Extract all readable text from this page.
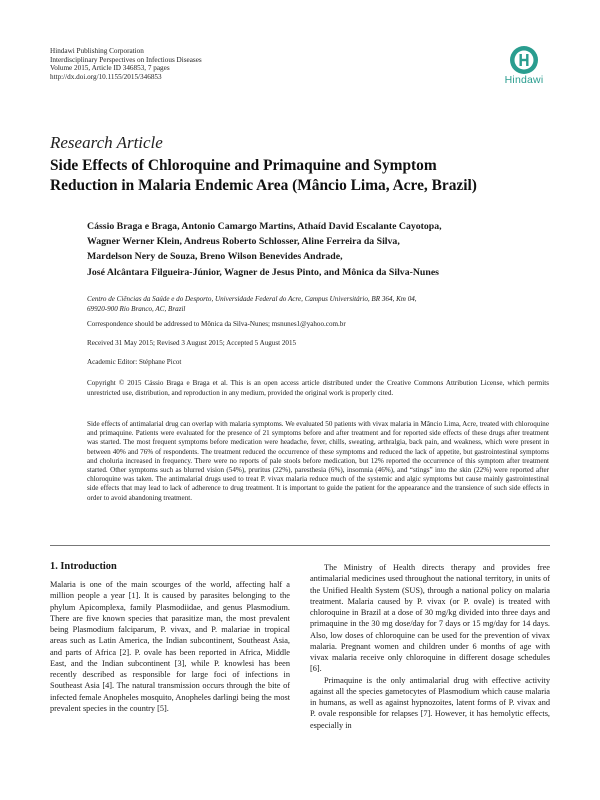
Hindawi Publishing Corporation
Interdisciplinary Perspectives on Infectious Diseases
Volume 2015, Article ID 346853, 7 pages
http://dx.doi.org/10.1155/2015/346853	Hindawi
Research Article
Side Effects of Chloroquine and Primaquine and Symptom
Reduction in Malaria Endemic Area (Mâncio Lima, Acre, Brazil)
Cássio Braga e Braga, Antonio Camargo Martins, Athaíd David Escalante Cayotopa,
Wagner Werner Klein, Andreus Roberto Schlosser, Aline Ferreira da Silva,
Mardelson Nery de Souza, Breno Wilson Benevides Andrade,
José Alcântara Filgueira-Júnior, Wagner de Jesus Pinto, and Mônica da Silva-Nunes
Centro de Ciências da Saúde e do Desporto, Universidade Federal do Acre, Campus Universitário, BR 364, Km 04,
69920-900 Rio Branco, AC, Brazil
Correspondence should be addressed to Mônica da Silva-Nunes; msnunes1@yahoo.com.br
Received 31 May 2015; Revised 3 August 2015; Accepted 5 August 2015
Academic Editor: Stéphane Picot
Copyright © 2015 Cássio Braga e Braga et al. This is an open access article distributed under the Creative Commons Attribution License, which permits unrestricted use, distribution, and reproduction in any medium, provided the original work is properly cited.
Side effects of antimalarial drug can overlap with malaria symptoms. We evaluated 50 patients with vivax malaria in Mâncio Lima, Acre, treated with chloroquine and primaquine. Patients were evaluated for the presence of 21 symptoms before and after treatment and for reported side effects of these drugs after treatment was started. The most frequent symptoms before medication were headache, fever, chills, sweating, arthralgia, back pain, and weakness, which were present in between 40% and 76% of respondents. The treatment reduced the occurrence of these symptoms and reduced the lack of appetite, but gastrointestinal symptoms and choluria increased in frequency. There were no reports of pale stools before medication, but 12% reported the occurrence of this symptom after treatment started. Other symptoms such as blurred vision (54%), pruritus (22%), paresthesia (6%), insomnia (46%), and “stings” into the skin (22%) were reported after chloroquine was taken. The antimalarial drugs used to treat P. vivax malaria reduce much of the systemic and algic symptoms but cause mainly gastrointestinal side effects that may lead to lack of adherence to drug treatment. It is important to guide the patient for the appearance and the transience of such side effects in order to avoid abandoning treatment.
1. Introduction
Malaria is one of the main scourges of the world, affecting half a million people a year [1]. It is caused by parasites belonging to the phylum Apicomplexa, family Plasmodiidae, and genus Plasmodium. There are five known species that parasitize man, the most prevalent being Plasmodium falciparum, P. vivax, and P. malariae in tropical areas such as Latin America, the Indian subcontinent, Southeast Asia, and parts of Africa [2]. P. ovale has been reported in Africa, Middle East, and the Indian subcontinent [3], while P. knowlesi has been recently described as responsible for large foci of infections in Southeast Asia [4]. The natural transmission occurs through the bite of infected female Anopheles mosquito, Anopheles darlingi being the most prevalent species in the country [5].

The Ministry of Health directs therapy and provides free antimalarial medicines used throughout the national territory, in units of the Unified Health System (SUS), through a national policy on malaria treatment. Malaria caused by P. vivax (or P. ovale) is treated with chloroquine in Brazil at a dose of 30 mg/kg divided into three days and primaquine in the 30 mg dose/day for 7 days or 15 mg/day for 14 days. Also, low doses of chloroquine can be used for the prevention of vivax malaria. Pregnant women and children under 6 months of age with vivax malaria receive only chloroquine in different dosage schedules [6].

Primaquine is the only antimalarial drug with effective activity against all the species gametocytes of Plasmodium which cause malaria in humans, as well as against hypnozoites, latent forms of P. vivax and P. ovale responsible for relapses [7]. However, it has hemolytic effects, especially in
